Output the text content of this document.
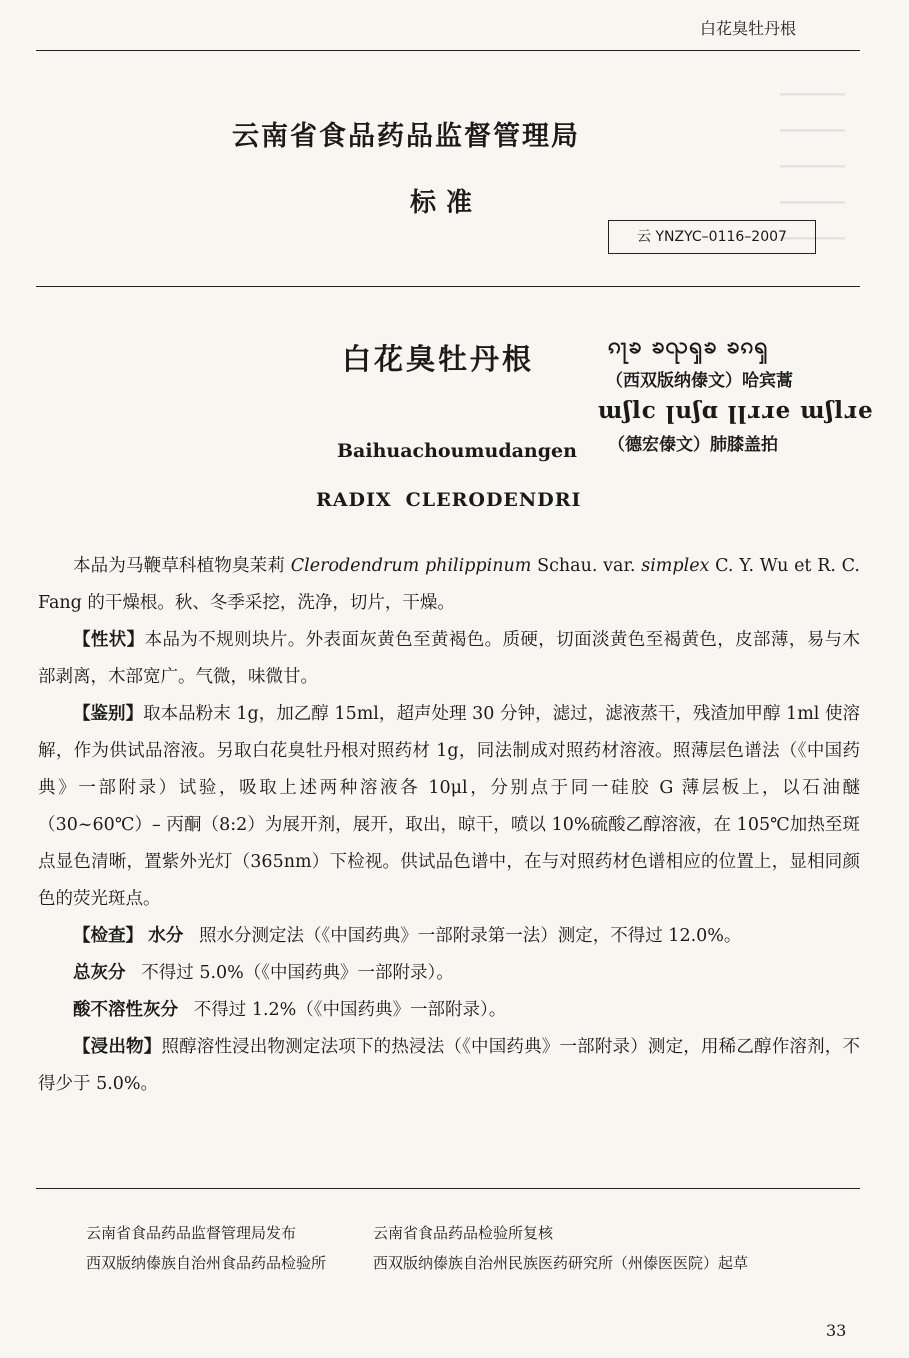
白花臭牡丹根
▁▁▁▁▁▁
▁▁▁▁▁▁
▁▁▁▁▁▁
▁▁▁▁▁▁
▁▁▁▁▁▁
云南省食品药品监督管理局
标准
云 YNZYC–0116–2007
白花臭牡丹根	ၵႃၶ ၶၺၡၶ ၶၵၡ
（西双版纳傣文）哈宾蒿
ɯʃlc ꞁuʃɑ ꞁꞁɹɹe ɯʃlɹe
（德宏傣文）肺膝盖拍
Baihuachoumudangen
RADIX CLERODENDRI

本品为马鞭草科植物臭茉莉 Clerodendrum philippinum Schau. var. simplex C. Y. Wu et R. C. Fang 的干燥根。秋、冬季采挖，洗净，切片，干燥。

【性状】本品为不规则块片。外表面灰黄色至黄褐色。质硬，切面淡黄色至褐黄色，皮部薄，易与木部剥离，木部宽广。气微，味微甘。

【鉴别】取本品粉末 1g，加乙醇 15ml，超声处理 30 分钟，滤过，滤液蒸干，残渣加甲醇 1ml 使溶解，作为供试品溶液。另取白花臭牡丹根对照药材 1g，同法制成对照药材溶液。照薄层色谱法（《中国药典》一部附录）试验，吸取上述两种溶液各 10μl，分别点于同一硅胶 G 薄层板上，以石油醚（30~60℃）– 丙酮（8:2）为展开剂，展开，取出，晾干，喷以 10%硫酸乙醇溶液，在 105℃加热至斑点显色清晰，置紫外光灯（365nm）下检视。供试品色谱中，在与对照药材色谱相应的位置上，显相同颜色的荧光斑点。

【检查】 水分 照水分测定法（《中国药典》一部附录第一法）测定，不得过 12.0%。

总灰分 不得过 5.0%（《中国药典》一部附录）。

酸不溶性灰分 不得过 1.2%（《中国药典》一部附录）。

【浸出物】照醇溶性浸出物测定法项下的热浸法（《中国药典》一部附录）测定，用稀乙醇作溶剂，不得少于 5.0%。

云南省食品药品监督管理局发布	云南省食品药品检验所复核
西双版纳傣族自治州食品药品检验所	西双版纳傣族自治州民族医药研究所（州傣医医院）起草
33
